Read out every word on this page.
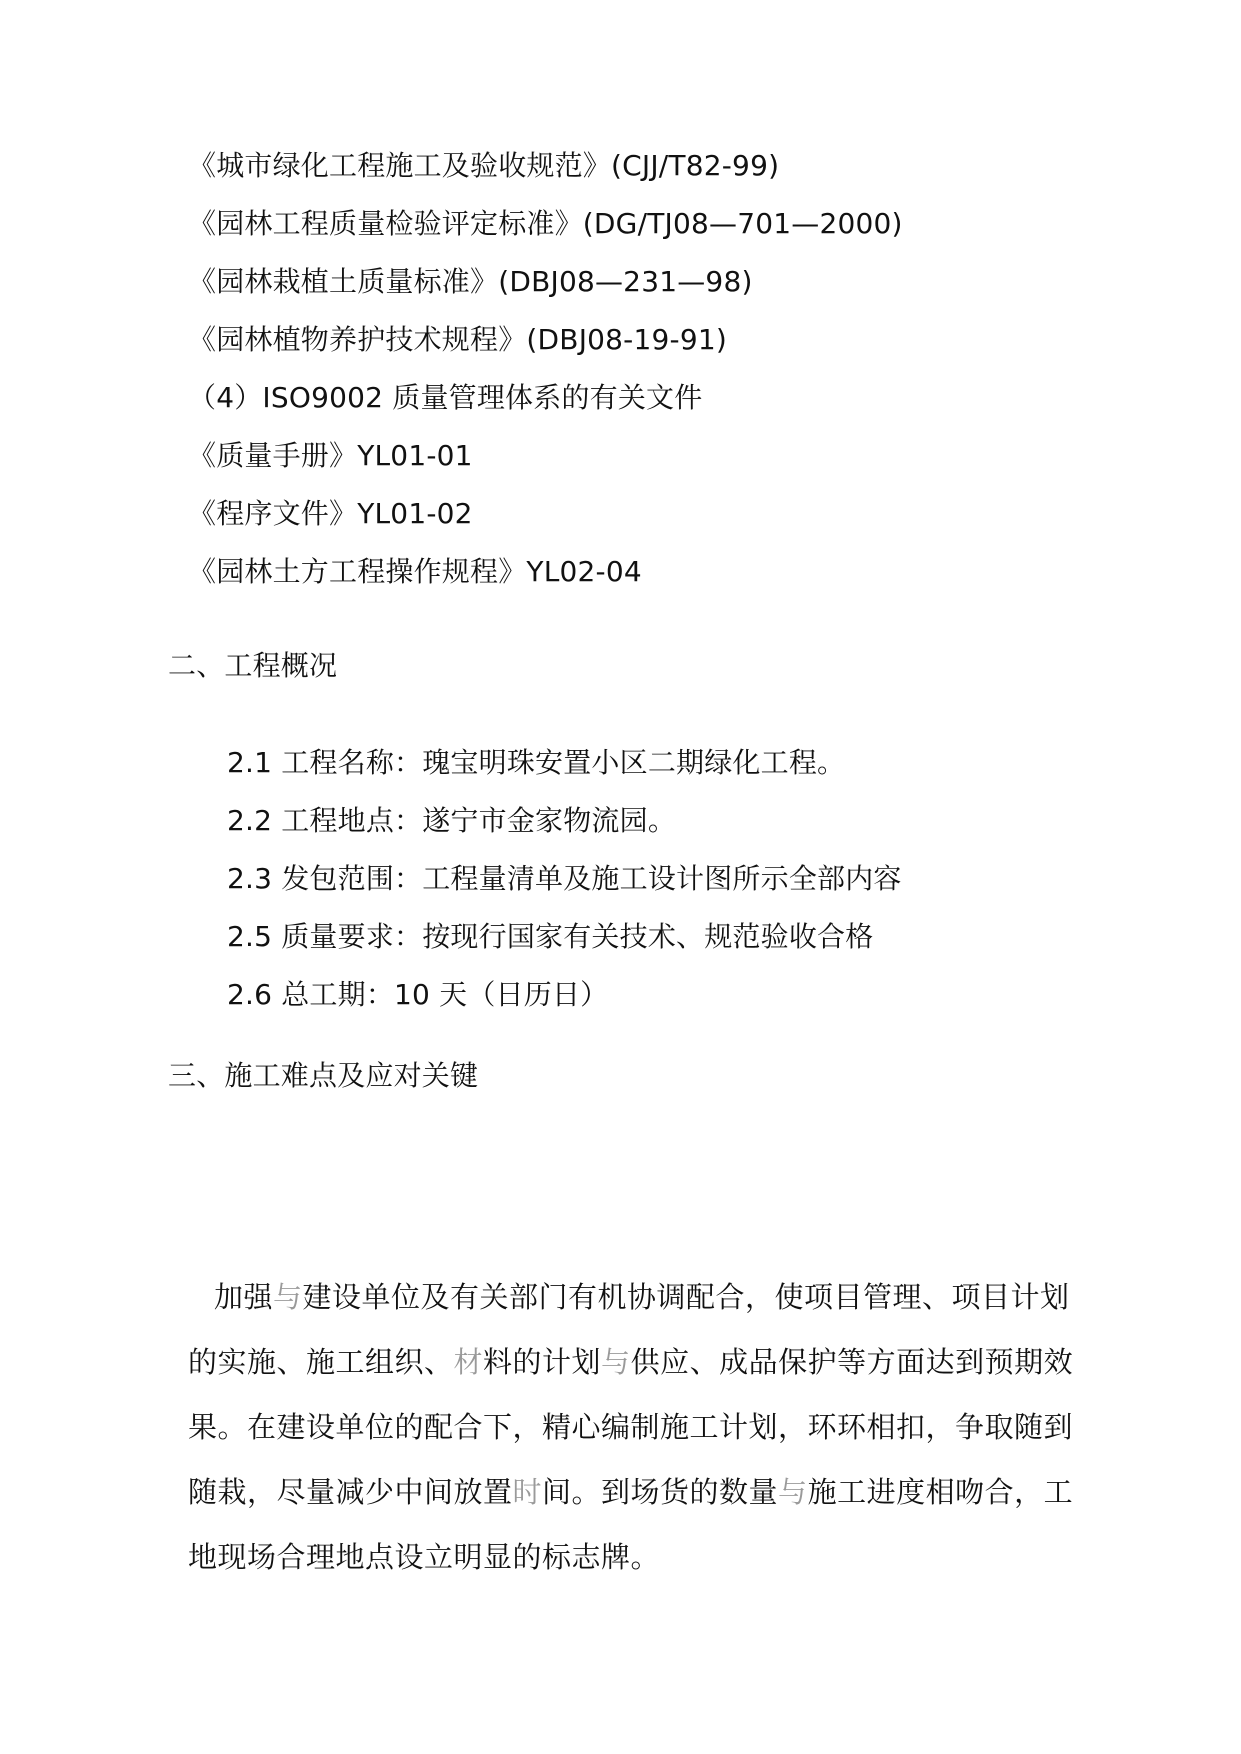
《城市绿化工程施工及验收规范》(CJJ/T82-99)
《园林工程质量检验评定标准》(DG/TJ08—701—2000)
《园林栽植土质量标准》(DBJ08—231—98)
《园林植物养护技术规程》(DBJ08-19-91)
（4）ISO9002 质量管理体系的有关文件
《质量手册》YL01-01
《程序文件》YL01-02
《园林土方工程操作规程》YL02-04
二、工程概况
2.1 工程名称：瑰宝明珠安置小区二期绿化工程。
2.2 工程地点：遂宁市金家物流园。
2.3 发包范围：工程量清单及施工设计图所示全部内容
2.5 质量要求：按现行国家有关技术、规范验收合格
2.6 总工期：10 天（日历日）
三、施工难点及应对关键
加强与建设单位及有关部门有机协调配合，使项目管理、项目计划
的实施、施工组织、材料的计划与供应、成品保护等方面达到预期效
果。在建设单位的配合下，精心编制施工计划，环环相扣，争取随到
随栽，尽量减少中间放置时间。到场货的数量与施工进度相吻合，工
地现场合理地点设立明显的标志牌。
